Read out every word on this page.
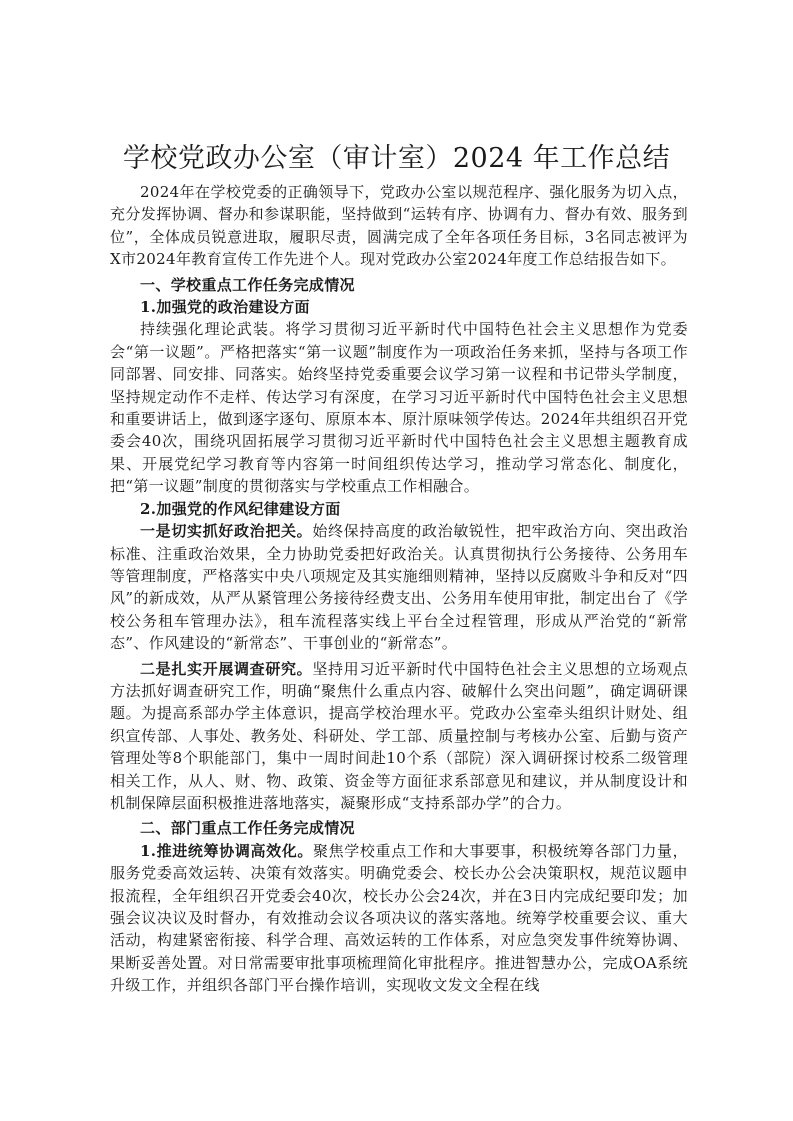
学校党政办公室（审计室）2024 年工作总结

2024年在学校党委的正确领导下，党政办公室以规范程序、强化服务为切入点，充分发挥协调、督办和参谋职能，坚持做到“运转有序、协调有力、督办有效、服务到位”，全体成员锐意进取，履职尽责，圆满完成了全年各项任务目标，3名同志被评为X市2024年教育宣传工作先进个人。现对党政办公室2024年度工作总结报告如下。

一、学校重点工作任务完成情况

1.加强党的政治建设方面

持续强化理论武装。将学习贯彻习近平新时代中国特色社会主义思想作为党委会“第一议题”。严格把落实“第一议题”制度作为一项政治任务来抓，坚持与各项工作同部署、同安排、同落实。始终坚持党委重要会议学习第一议程和书记带头学制度，坚持规定动作不走样、传达学习有深度，在学习习近平新时代中国特色社会主义思想和重要讲话上，做到逐字逐句、原原本本、原汁原味领学传达。2024年共组织召开党委会40次，围绕巩固拓展学习贯彻习近平新时代中国特色社会主义思想主题教育成果、开展党纪学习教育等内容第一时间组织传达学习，推动学习常态化、制度化，把“第一议题”制度的贯彻落实与学校重点工作相融合。

2.加强党的作风纪律建设方面

一是切实抓好政治把关。始终保持高度的政治敏锐性，把牢政治方向、突出政治标准、注重政治效果，全力协助党委把好政治关。认真贯彻执行公务接待、公务用车等管理制度，严格落实中央八项规定及其实施细则精神，坚持以反腐败斗争和反对“四风”的新成效，从严从紧管理公务接待经费支出、公务用车使用审批，制定出台了《学校公务租车管理办法》，租车流程落实线上平台全过程管理，形成从严治党的“新常态”、作风建设的“新常态”、干事创业的“新常态”。

二是扎实开展调查研究。坚持用习近平新时代中国特色社会主义思想的立场观点方法抓好调查研究工作，明确“聚焦什么重点内容、破解什么突出问题”，确定调研课题。为提高系部办学主体意识，提高学校治理水平。党政办公室牵头组织计财处、组织宣传部、人事处、教务处、科研处、学工部、质量控制与考核办公室、后勤与资产管理处等8个职能部门，集中一周时间赴10个系（部院）深入调研探讨校系二级管理相关工作，从人、财、物、政策、资金等方面征求系部意见和建议，并从制度设计和机制保障层面积极推进落地落实，凝聚形成“支持系部办学”的合力。

二、部门重点工作任务完成情况

1.推进统筹协调高效化。聚焦学校重点工作和大事要事，积极统筹各部门力量，服务党委高效运转、决策有效落实。明确党委会、校长办公会决策职权，规范议题申报流程，全年组织召开党委会40次，校长办公会24次，并在3日内完成纪要印发；加强会议决议及时督办，有效推动会议各项决议的落实落地。统筹学校重要会议、重大活动，构建紧密衔接、科学合理、高效运转的工作体系，对应急突发事件统筹协调、果断妥善处置。对日常需要审批事项梳理简化审批程序。推进智慧办公，完成OA系统升级工作，并组织各部门平台操作培训，实现收文发文全程在线
